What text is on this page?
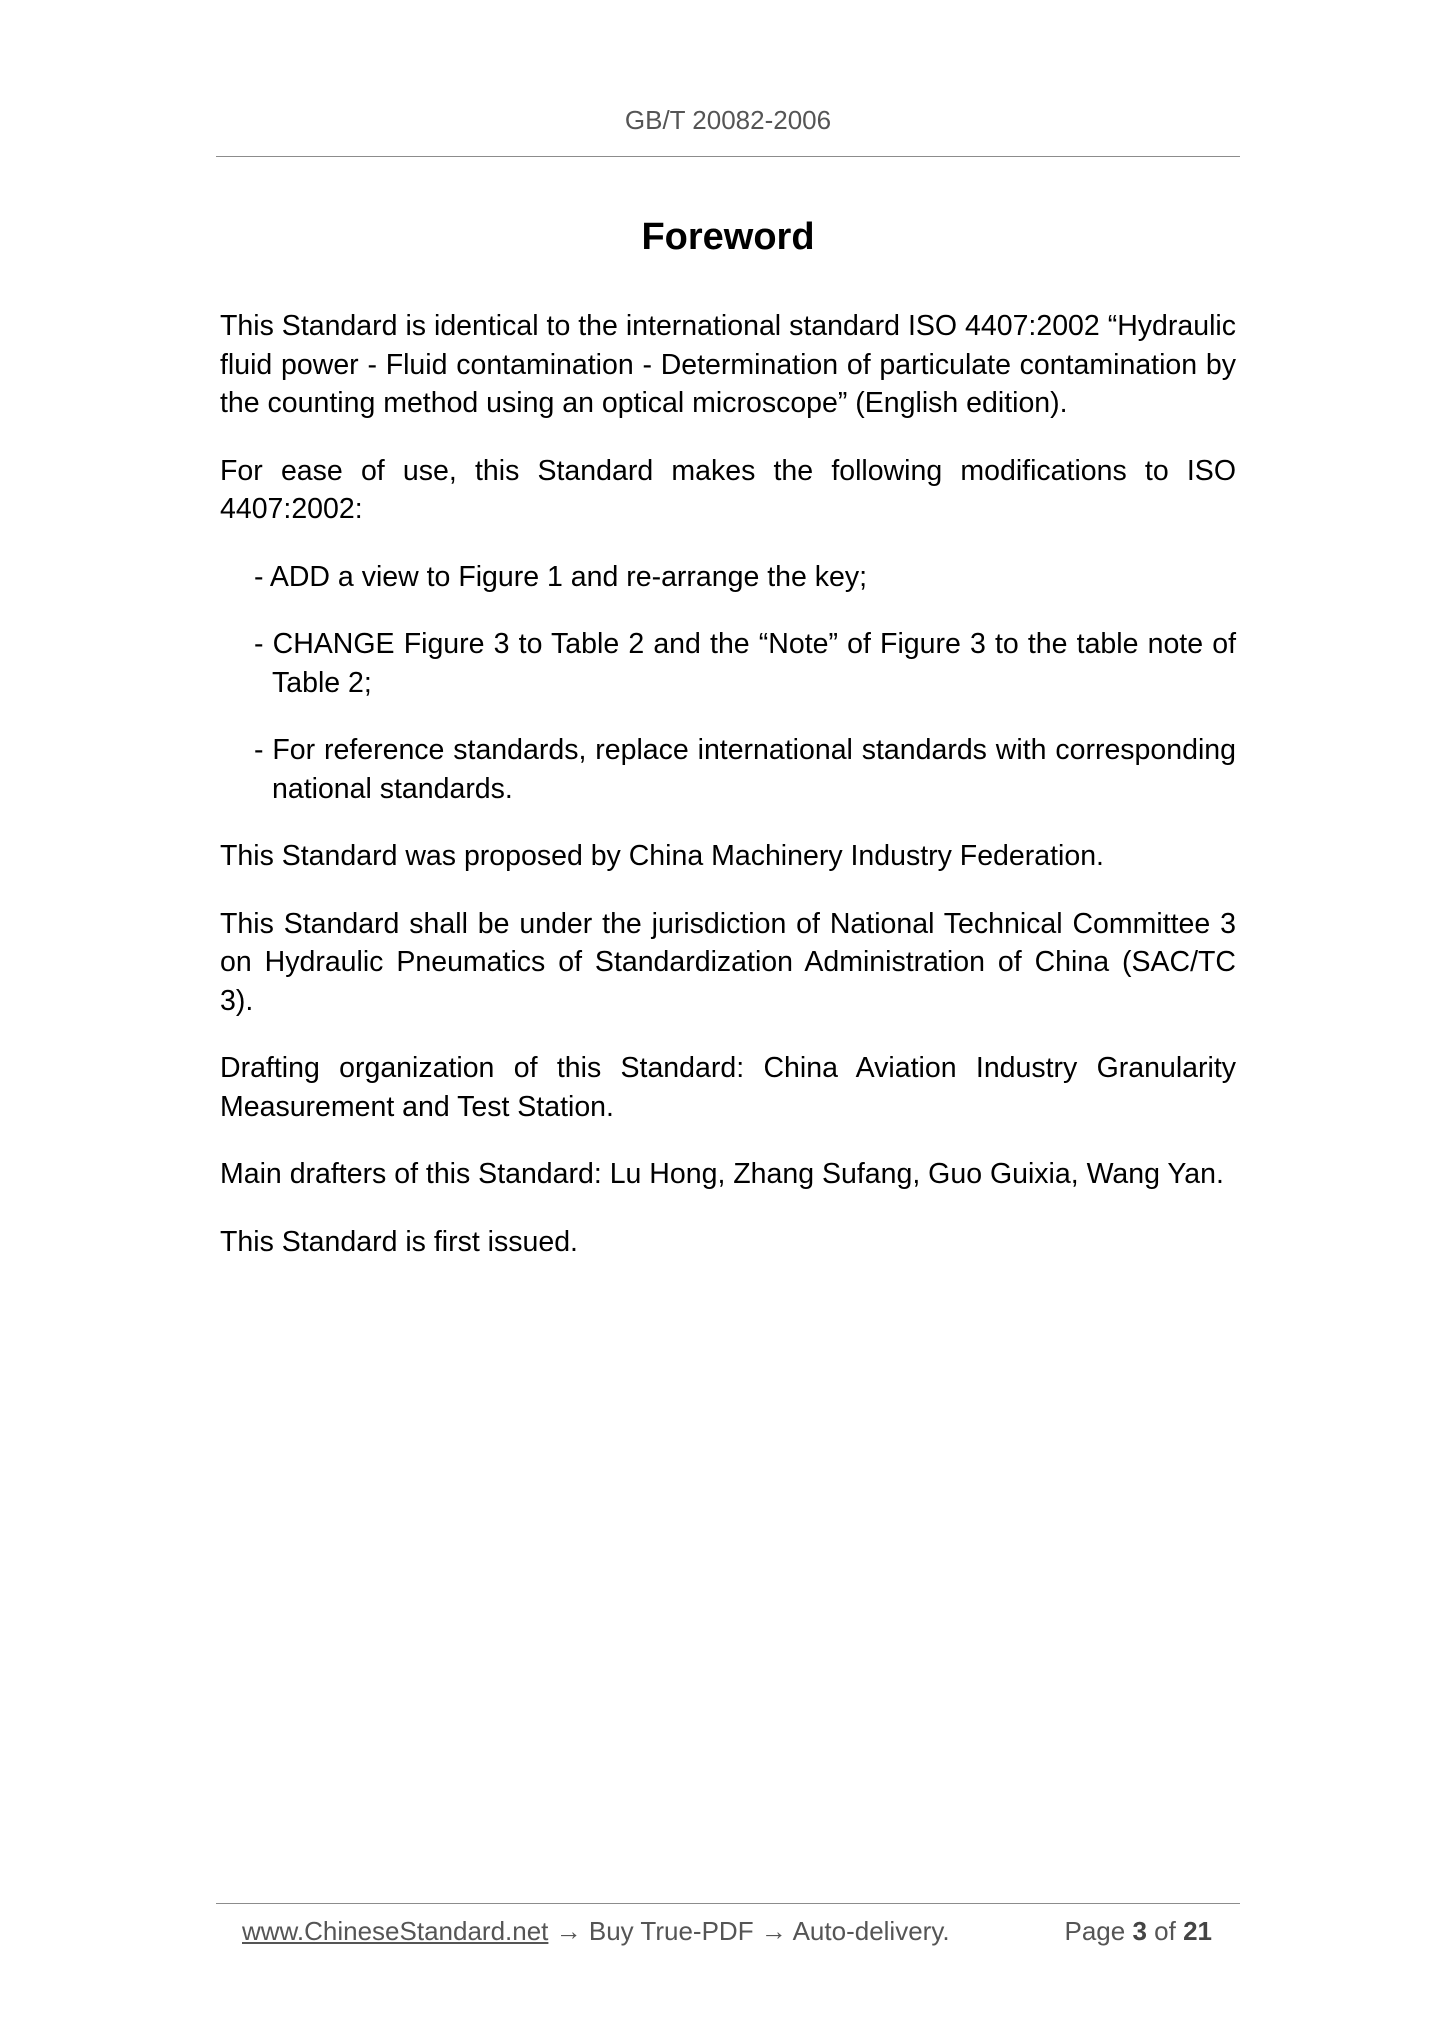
GB/T 20082-2006
Foreword

This Standard is identical to the international standard ISO 4407:2002 “Hydraulic fluid power - Fluid contamination - Determination of particulate contamination by the counting method using an optical microscope” (English edition).

For ease of use, this Standard makes the following modifications to ISO 4407:2002:

- ADD a view to Figure 1 and re-arrange the key;

- CHANGE Figure 3 to Table 2 and the “Note” of Figure 3 to the table note of Table 2;

- For reference standards, replace international standards with corresponding national standards.

This Standard was proposed by China Machinery Industry Federation.

This Standard shall be under the jurisdiction of National Technical Committee 3 on Hydraulic Pneumatics of Standardization Administration of China (SAC/TC 3).

Drafting organization of this Standard: China Aviation Industry Granularity Measurement and Test Station.

Main drafters of this Standard: Lu Hong, Zhang Sufang, Guo Guixia, Wang Yan.

This Standard is first issued.

www.ChineseStandard.net → Buy True-PDF → Auto-delivery.	Page 3 of 21
